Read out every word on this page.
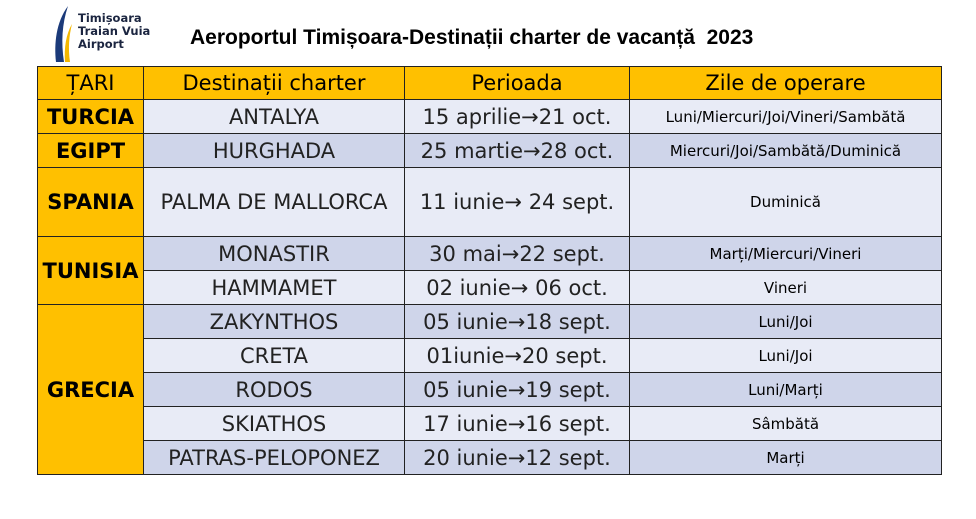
Timișoara
Traian Vuia
Airport	Aeroportul Timișoara-Destinații charter de vacanță  2023
ȚARI	Destinații charter	Perioada	Zile de operare
TURCIA	ANTALYA	15 aprilie→21 oct.	Luni/Miercuri/Joi/Vineri/Sambătă
EGIPT	HURGHADA	25 martie→28 oct.	Miercuri/Joi/Sambătă/Duminică
SPANIA	PALMA DE MALLORCA	11 iunie→ 24 sept.	Duminică
TUNISIA	MONASTIR	30 mai→22 sept.	Marți/Miercuri/Vineri
	HAMMAMET	02 iunie→ 06 oct.	Vineri
GRECIA	ZAKYNTHOS	05 iunie→18 sept.	Luni/Joi
	CRETA	01iunie→20 sept.	Luni/Joi
	RODOS	05 iunie→19 sept.	Luni/Marți
	SKIATHOS	17 iunie→16 sept.	Sâmbătă
	PATRAS-PELOPONEZ	20 iunie→12 sept.	Marți
